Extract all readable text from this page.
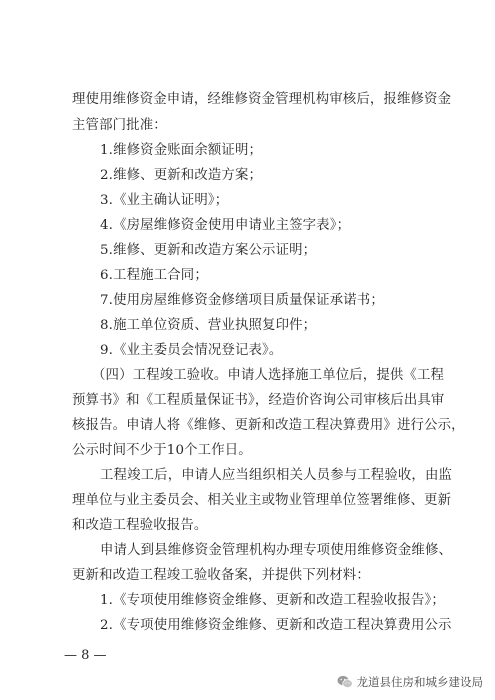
理使用维修资金申请，经维修资金管理机构审核后，报维修资金
主管部门批准：
1.维修资金账面余额证明；
2.维修、更新和改造方案；
3.《业主确认证明》；
4.《房屋维修资金使用申请业主签字表》；
5.维修、更新和改造方案公示证明；
6.工程施工合同；
7.使用房屋维修资金修缮项目质量保证承诺书；
8.施工单位资质、营业执照复印件；
9.《业主委员会情况登记表》。
（四）工程竣工验收。申请人选择施工单位后，提供《工程
预算书》和《工程质量保证书》，经造价咨询公司审核后出具审
核报告。申请人将《维修、更新和改造工程决算费用》进行公示，
公示时间不少于10个工作日。
工程竣工后，申请人应当组织相关人员参与工程验收，由监
理单位与业主委员会、相关业主或物业管理单位签署维修、更新
和改造工程验收报告。
申请人到县维修资金管理机构办理专项使用维修资金维修、
更新和改造工程竣工验收备案，并提供下列材料：
1.《专项使用维修资金维修、更新和改造工程验收报告》；
2.《专项使用维修资金维修、更新和改造工程决算费用公示
— 8 —
龙道县住房和城乡建设局
